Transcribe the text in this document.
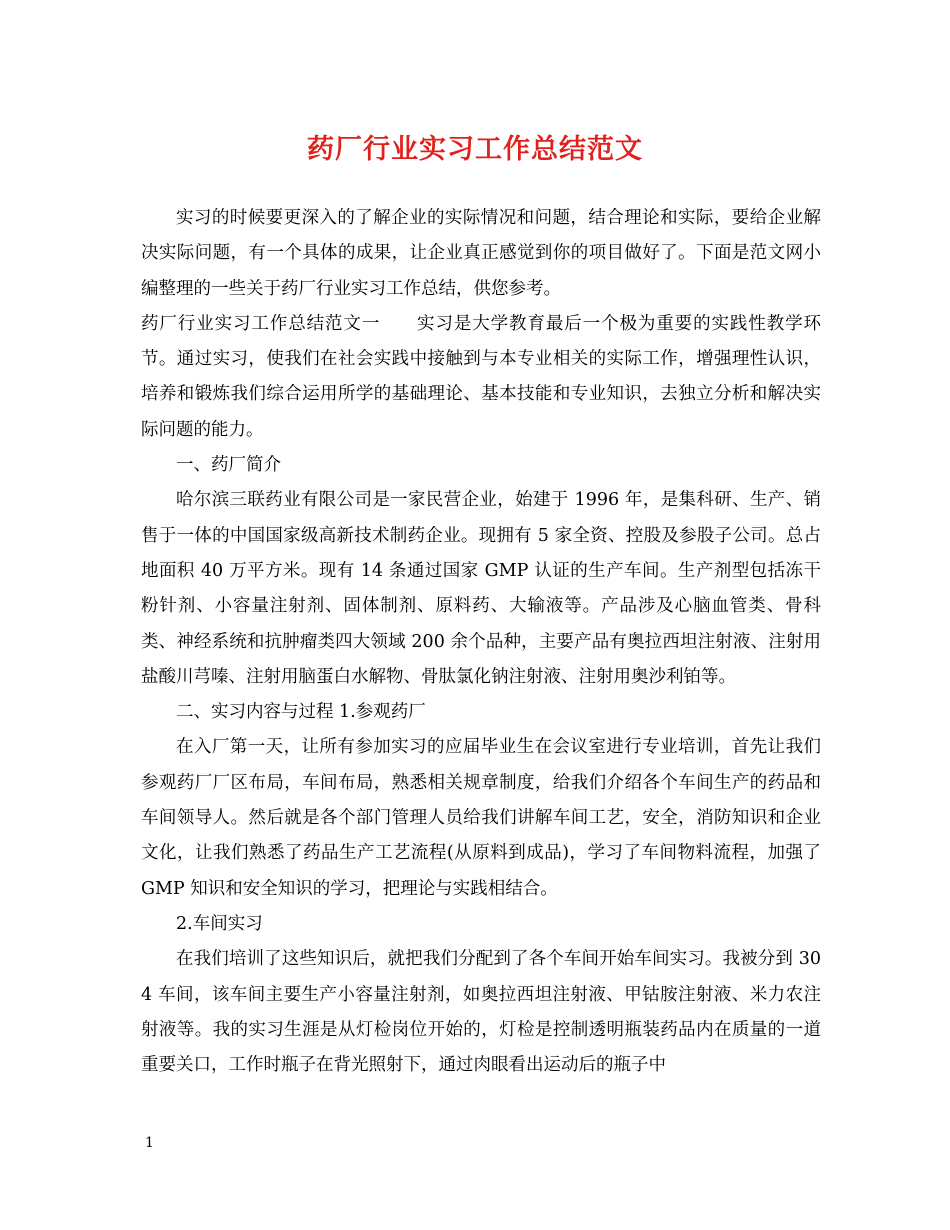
药厂行业实习工作总结范文

实习的时候要更深入的了解企业的实际情况和问题，结合理论和实际，要给企业解决实际问题，有一个具体的成果，让企业真正感觉到你的项目做好了。下面是范文网小编整理的一些关于药厂行业实习工作总结，供您参考。

药厂行业实习工作总结范文一　　实习是大学教育最后一个极为重要的实践性教学环节。通过实习，使我们在社会实践中接触到与本专业相关的实际工作，增强理性认识，培养和锻炼我们综合运用所学的基础理论、基本技能和专业知识，去独立分析和解决实际问题的能力。

一、药厂简介

哈尔滨三联药业有限公司是一家民营企业，始建于 1996 年，是集科研、生产、销售于一体的中国国家级高新技术制药企业。现拥有 5 家全资、控股及参股子公司。总占地面积 40 万平方米。现有 14 条通过国家 GMP 认证的生产车间。生产剂型包括冻干粉针剂、小容量注射剂、固体制剂、原料药、大输液等。产品涉及心脑血管类、骨科类、神经系统和抗肿瘤类四大领域 200 余个品种，主要产品有奥拉西坦注射液、注射用盐酸川芎嗪、注射用脑蛋白水解物、骨肽氯化钠注射液、注射用奥沙利铂等。

二、实习内容与过程 1.参观药厂

在入厂第一天，让所有参加实习的应届毕业生在会议室进行专业培训，首先让我们参观药厂厂区布局，车间布局，熟悉相关规章制度，给我们介绍各个车间生产的药品和车间领导人。然后就是各个部门管理人员给我们讲解车间工艺，安全，消防知识和企业文化，让我们熟悉了药品生产工艺流程(从原料到成品)，学习了车间物料流程，加强了 GMP 知识和安全知识的学习，把理论与实践相结合。

2.车间实习

在我们培训了这些知识后，就把我们分配到了各个车间开始车间实习。我被分到 304 车间，该车间主要生产小容量注射剂，如奥拉西坦注射液、甲钴胺注射液、米力农注射液等。我的实习生涯是从灯检岗位开始的，灯检是控制透明瓶装药品内在质量的一道重要关口，工作时瓶子在背光照射下，通过肉眼看出运动后的瓶子中

1
